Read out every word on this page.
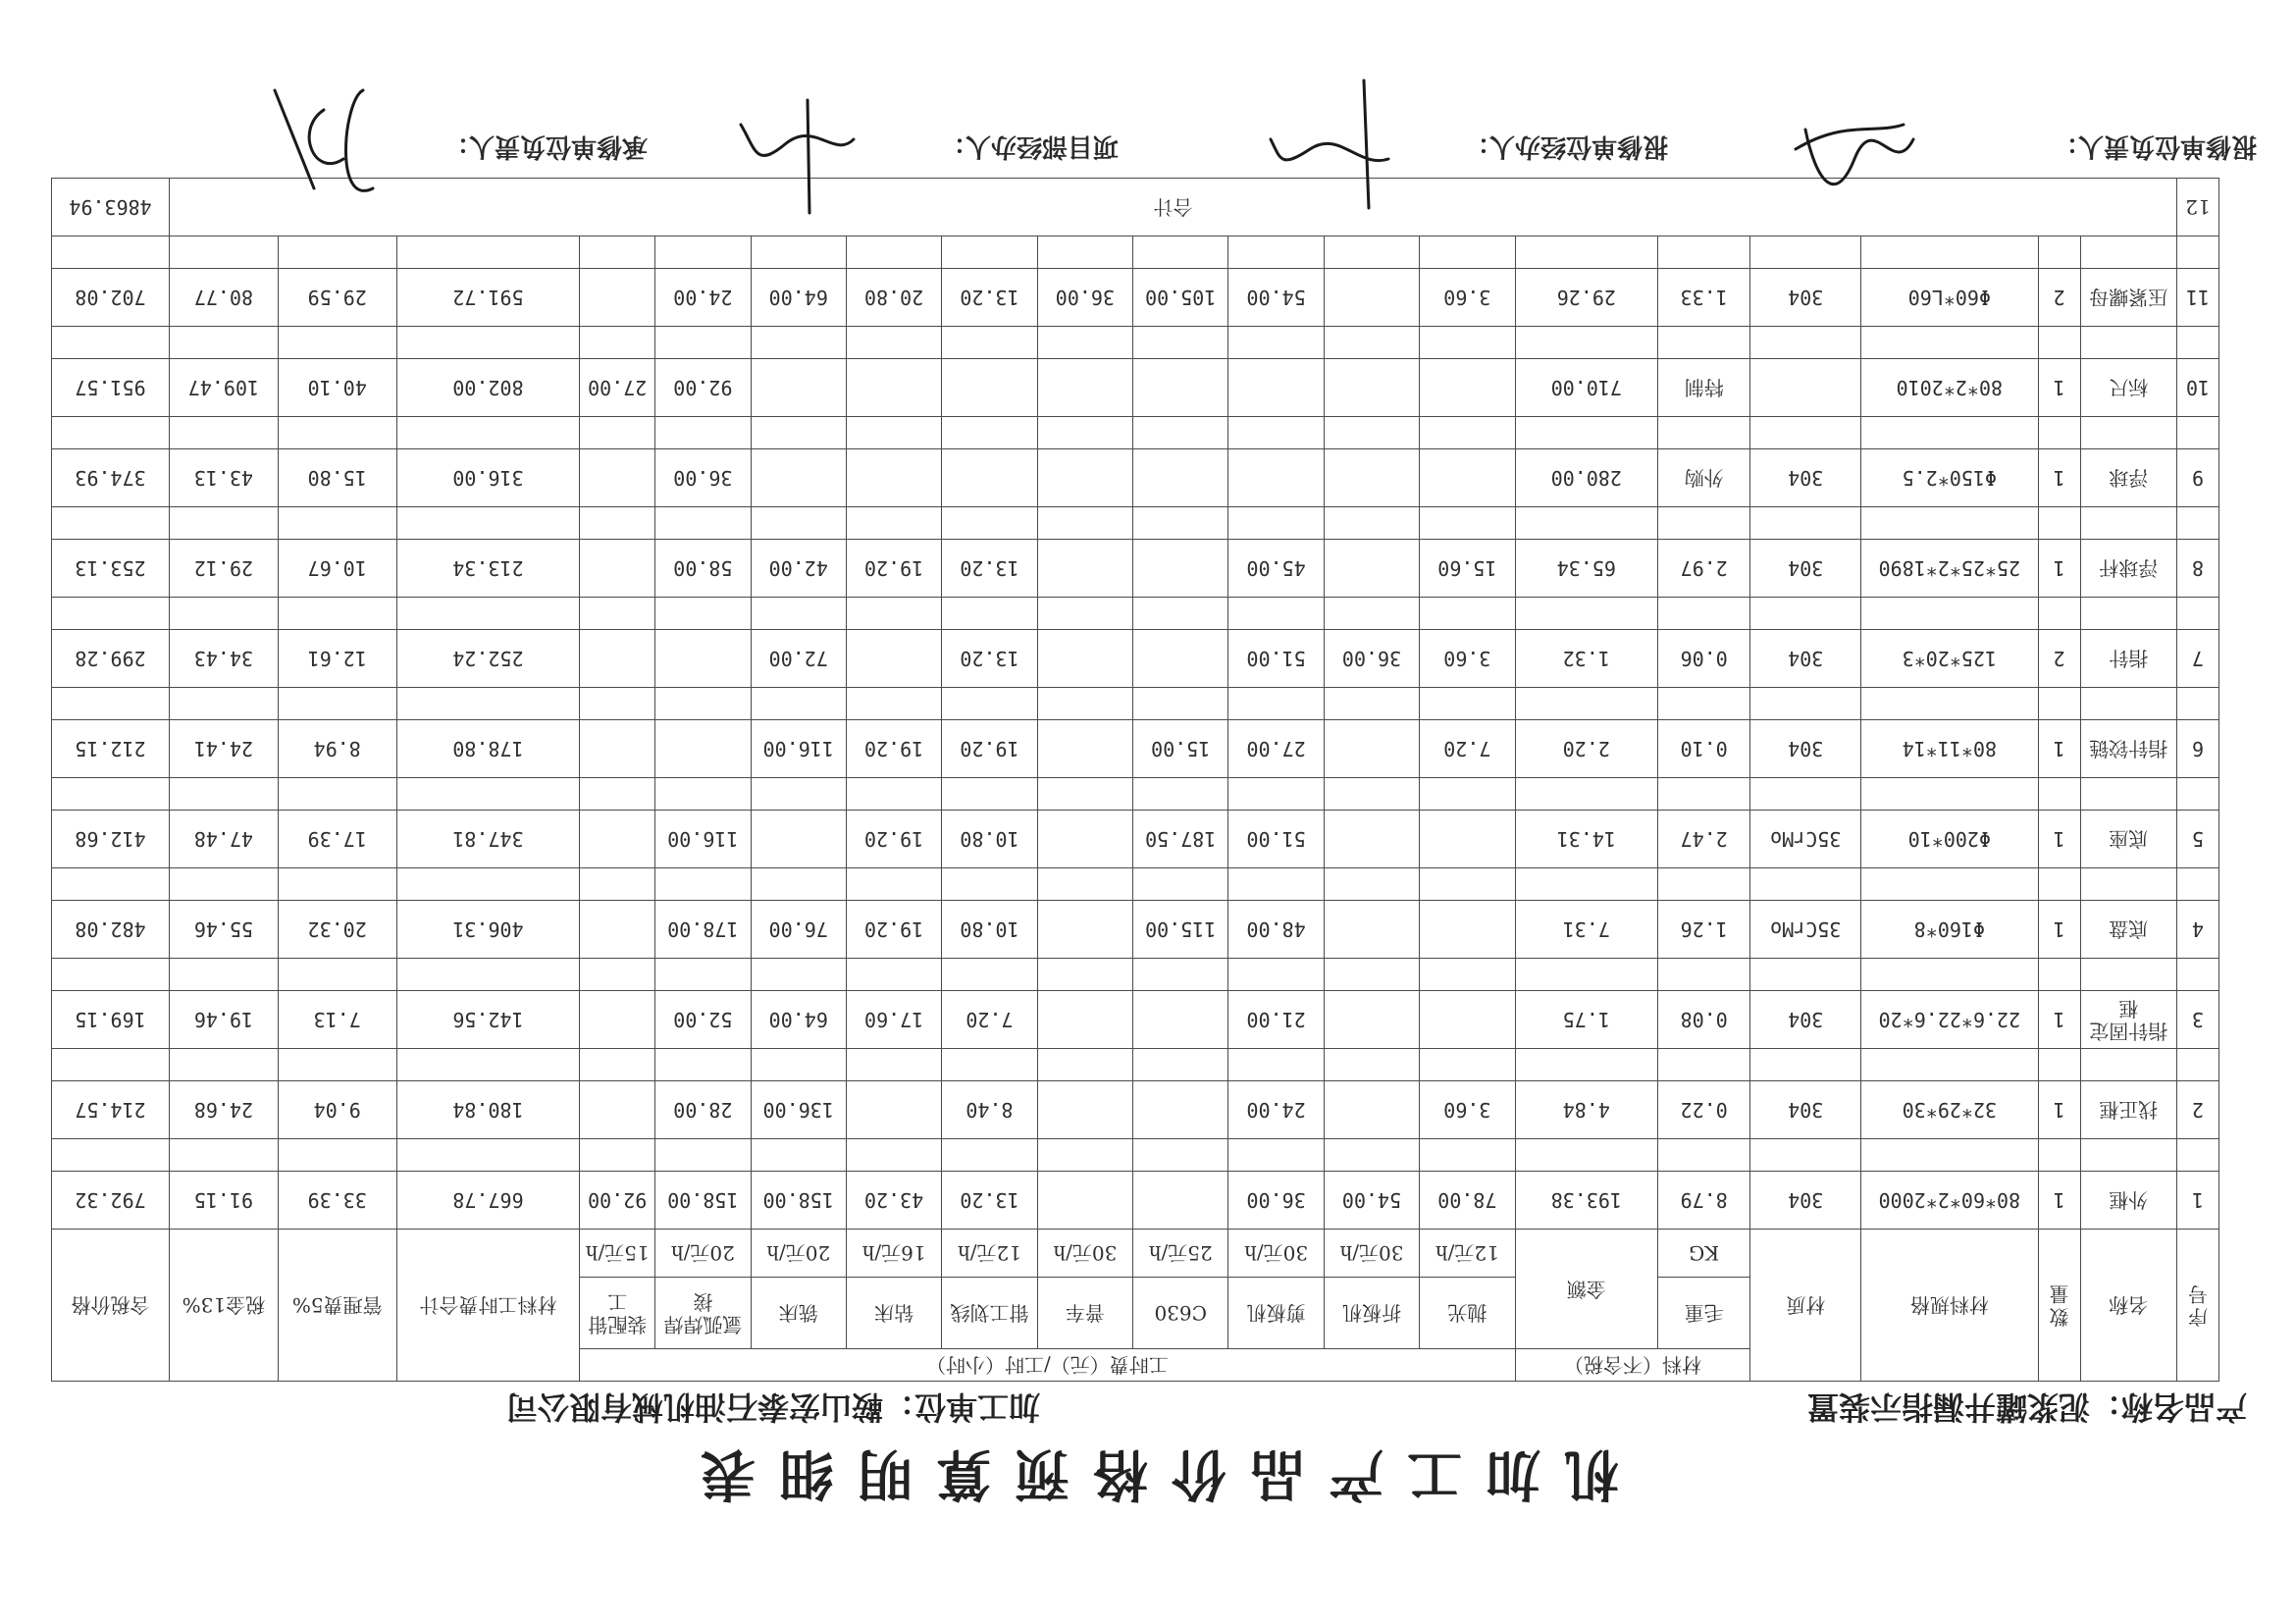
机加工产品价格预算明细表
产品名称：泥浆罐井漏指示装置
加工单位：鞍山宏泰石油机械有限公司
序号	名称	数量	材料规格	材质	材料（不含税）		工时费（元）/工时（小时）										材料工时费合计	管理费5%	税金13%	含税价格
					毛重	金额	抛光	折板机	剪板机	C630	普车	钳工划线	钻床	铣床	氩弧焊焊接	装配钳工				
					KG		12元/h	30元/h	30元/h	25元/h	30元/h	12元/h	16元/h	20元/h	20元/h	15元/h				
1	外框	1	80*60*2*2000	304	8.79	193.38	78.00	54.00	36.00			13.20	43.20	158.00	158.00	92.00	667.78	33.39	91.15	792.32

2	找正框	1	32*29*30	304	0.22	4.84	3.60		24.00			8.40		136.00	28.00		180.84	9.04	24.68	214.57

3	指针固定框	1	22.6*22.6*20	304	0.08	1.75			21.00			7.20	17.60	64.00	52.00		142.56	7.13	19.46	169.15

4	底盘	1	Φ160*8	35CrMo	1.26	7.31			48.00	115.00		10.80	19.20	76.00	178.00		406.31	20.32	55.46	482.08

5	底座	1	Φ200*10	35CrMo	2.47	14.31			51.00	187.50		10.80	19.20		116.00		347.81	17.39	47.48	412.68

6	指针铰链	1	80*11*14	304	0.10	2.20	7.20		27.00	15.00		19.20	19.20	116.00			178.80	8.94	24.41	212.15

7	指针	2	125*20*3	304	0.06	1.32	3.60	36.00	51.00			13.20		72.00			252.24	12.61	34.43	299.28

8	浮球杆	1	25*25*2*1890	304	2.97	65.34	15.60		45.00			13.20	19.20	42.00	58.00		213.34	10.67	29.12	253.13

9	浮球	1	Φ150*2.5	304	外购	280.00									36.00		316.00	15.80	43.13	374.93

10	标尺	1	80*2*2010		特制	710.00									92.00	27.00	802.00	40.10	109.47	951.57

11	压紧螺母	2	Φ60*L60	304	1.33	29.26	3.60		54.00	105.00	36.00	13.20	20.80	64.00	24.00		591.72	29.59	80.77	702.08

12	合计																			4863.94
报修单位负责人：
报修单位经办人：
项目部经办人：
承修单位负责人：
